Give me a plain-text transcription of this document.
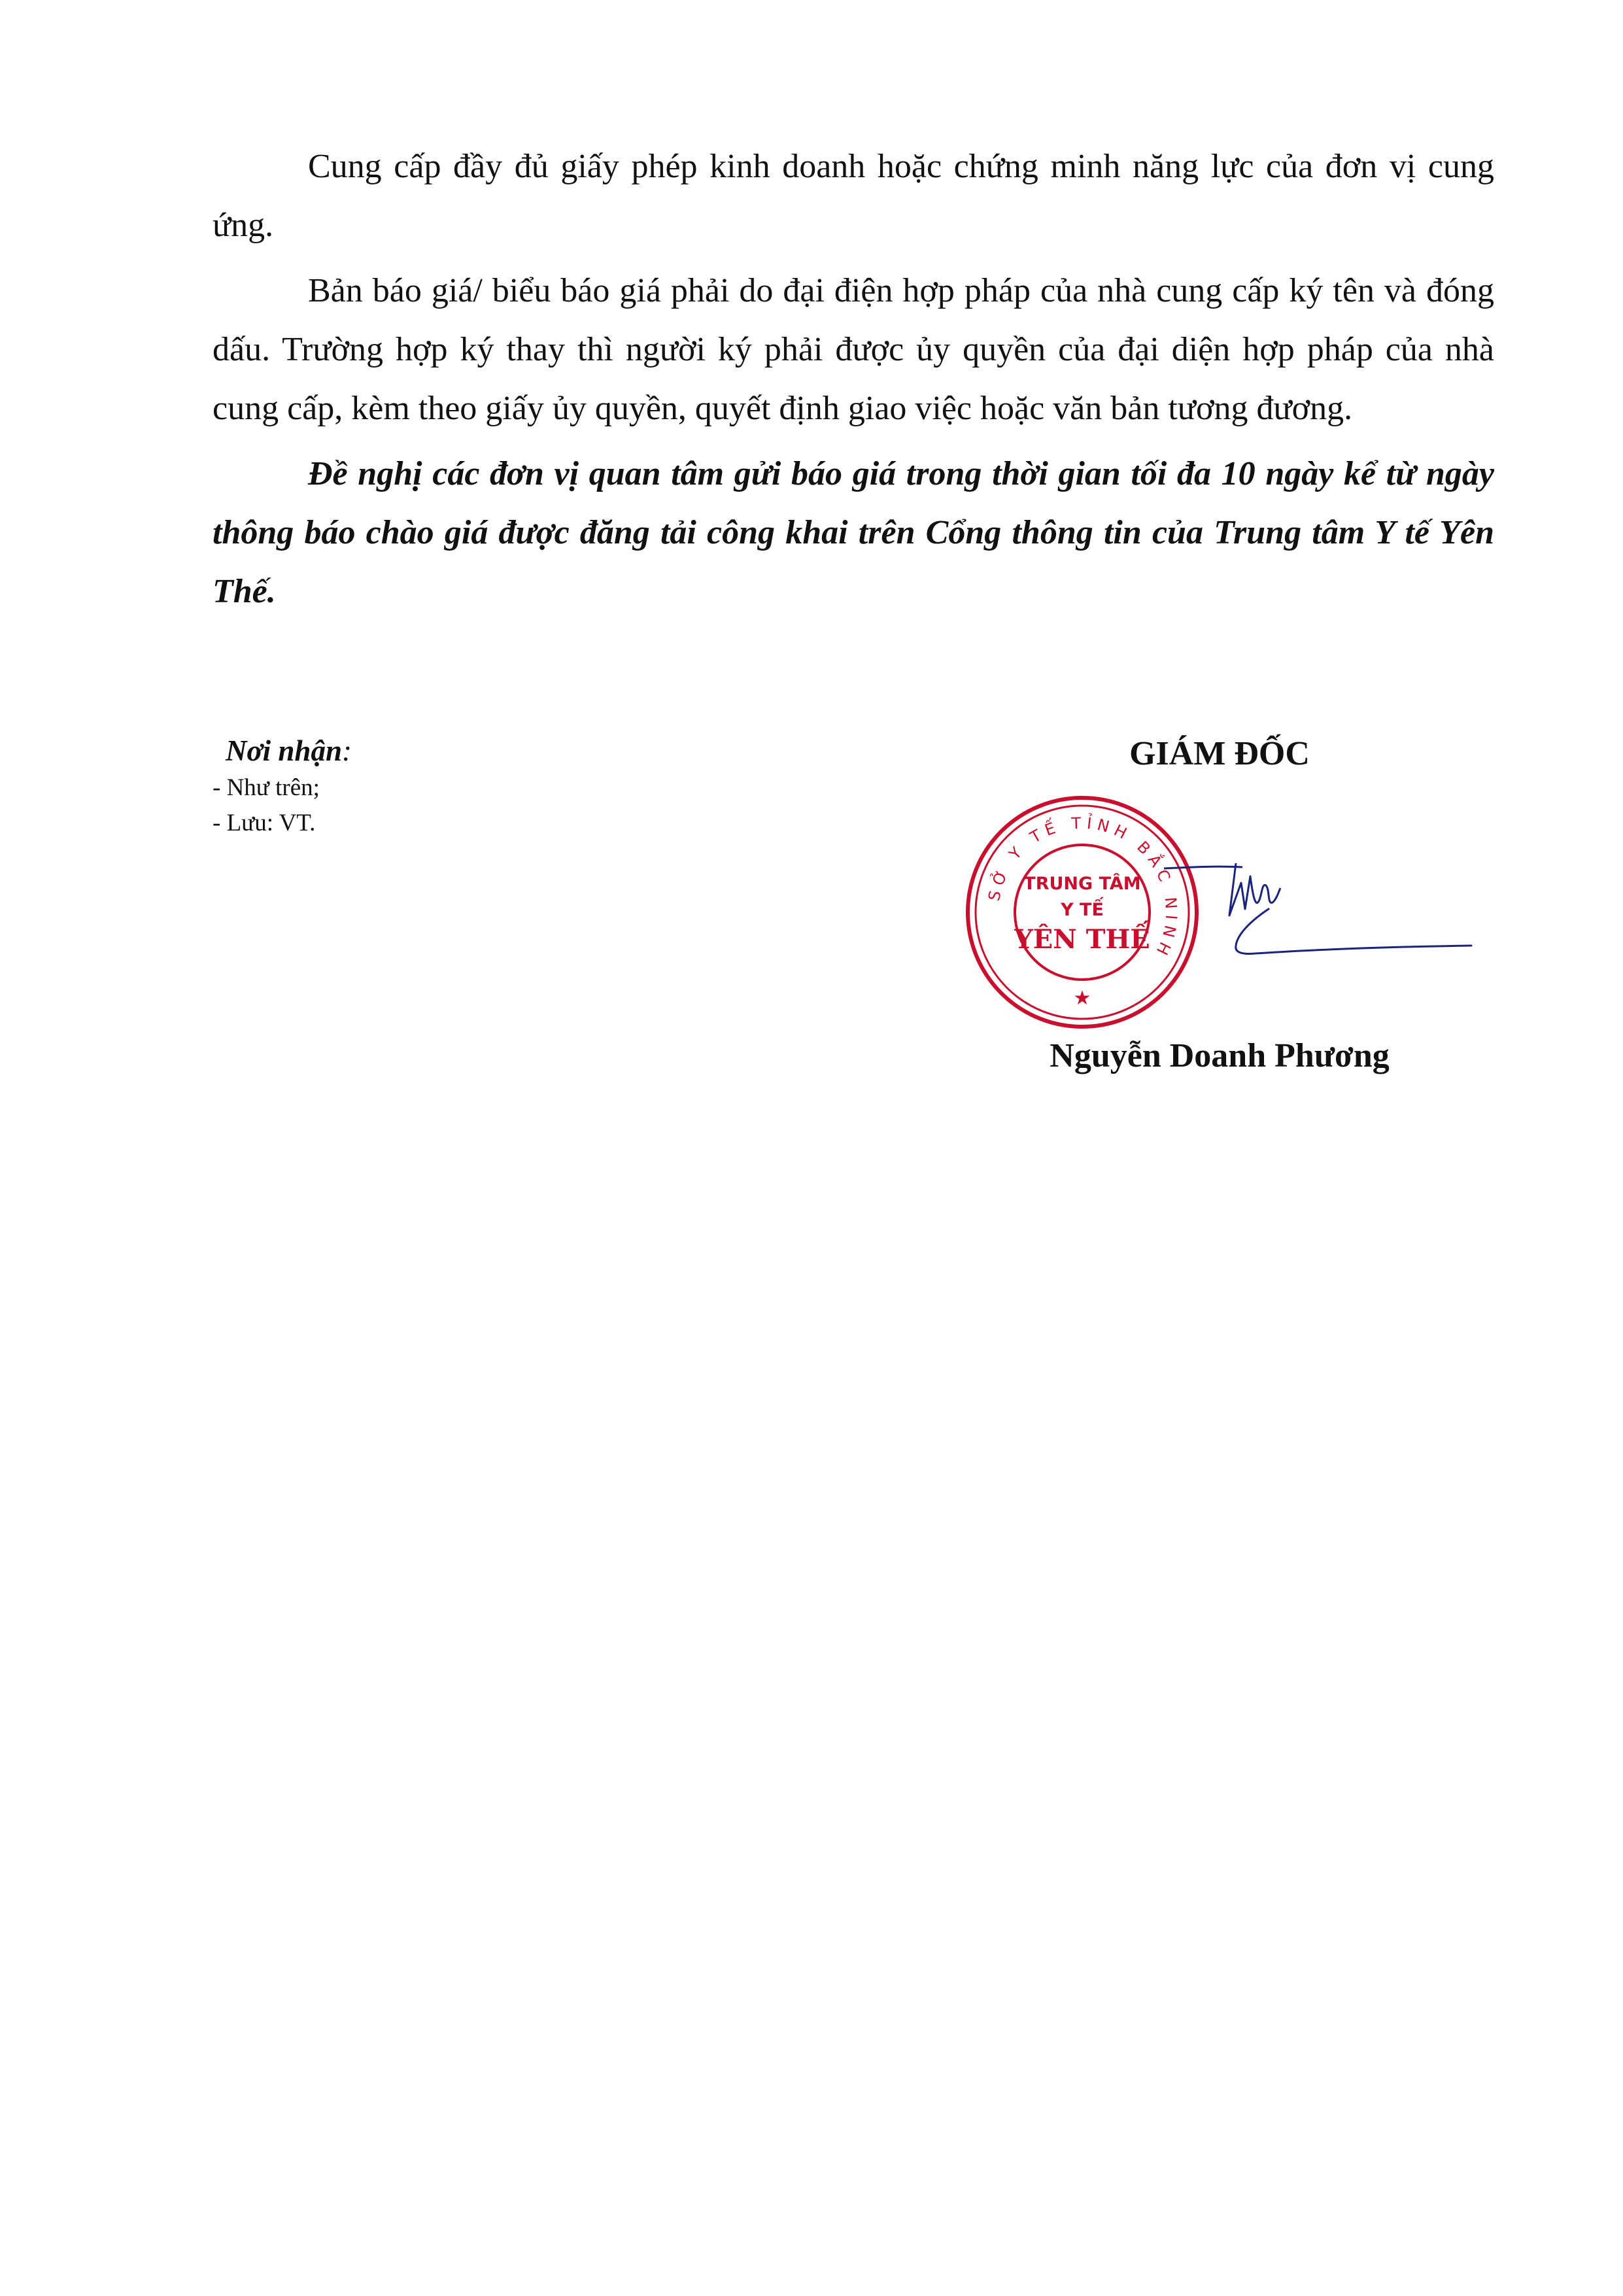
Cung cấp đầy đủ giấy phép kinh doanh hoặc chứng minh năng lực của đơn vị cung ứng.

Bản báo giá/ biểu báo giá phải do đại điện hợp pháp của nhà cung cấp ký tên và đóng dấu. Trường hợp ký thay thì người ký phải được ủy quyền của đại diện hợp pháp của nhà cung cấp, kèm theo giấy ủy quyền, quyết định giao việc hoặc văn bản tương đương.

Đề nghị các đơn vị quan tâm gửi báo giá trong thời gian tối đa 10 ngày kể từ ngày thông báo chào giá được đăng tải công khai trên Cổng thông tin của Trung tâm Y tế Yên Thế.

Nơi nhận:
- Như trên;
- Lưu: VT.
GIÁM ĐỐC
SỞ Y TẾ TỈNH BẮC NINH
★
TRUNG TÂM
Y TẾ
YÊN THẾ
Nguyễn Doanh Phương
